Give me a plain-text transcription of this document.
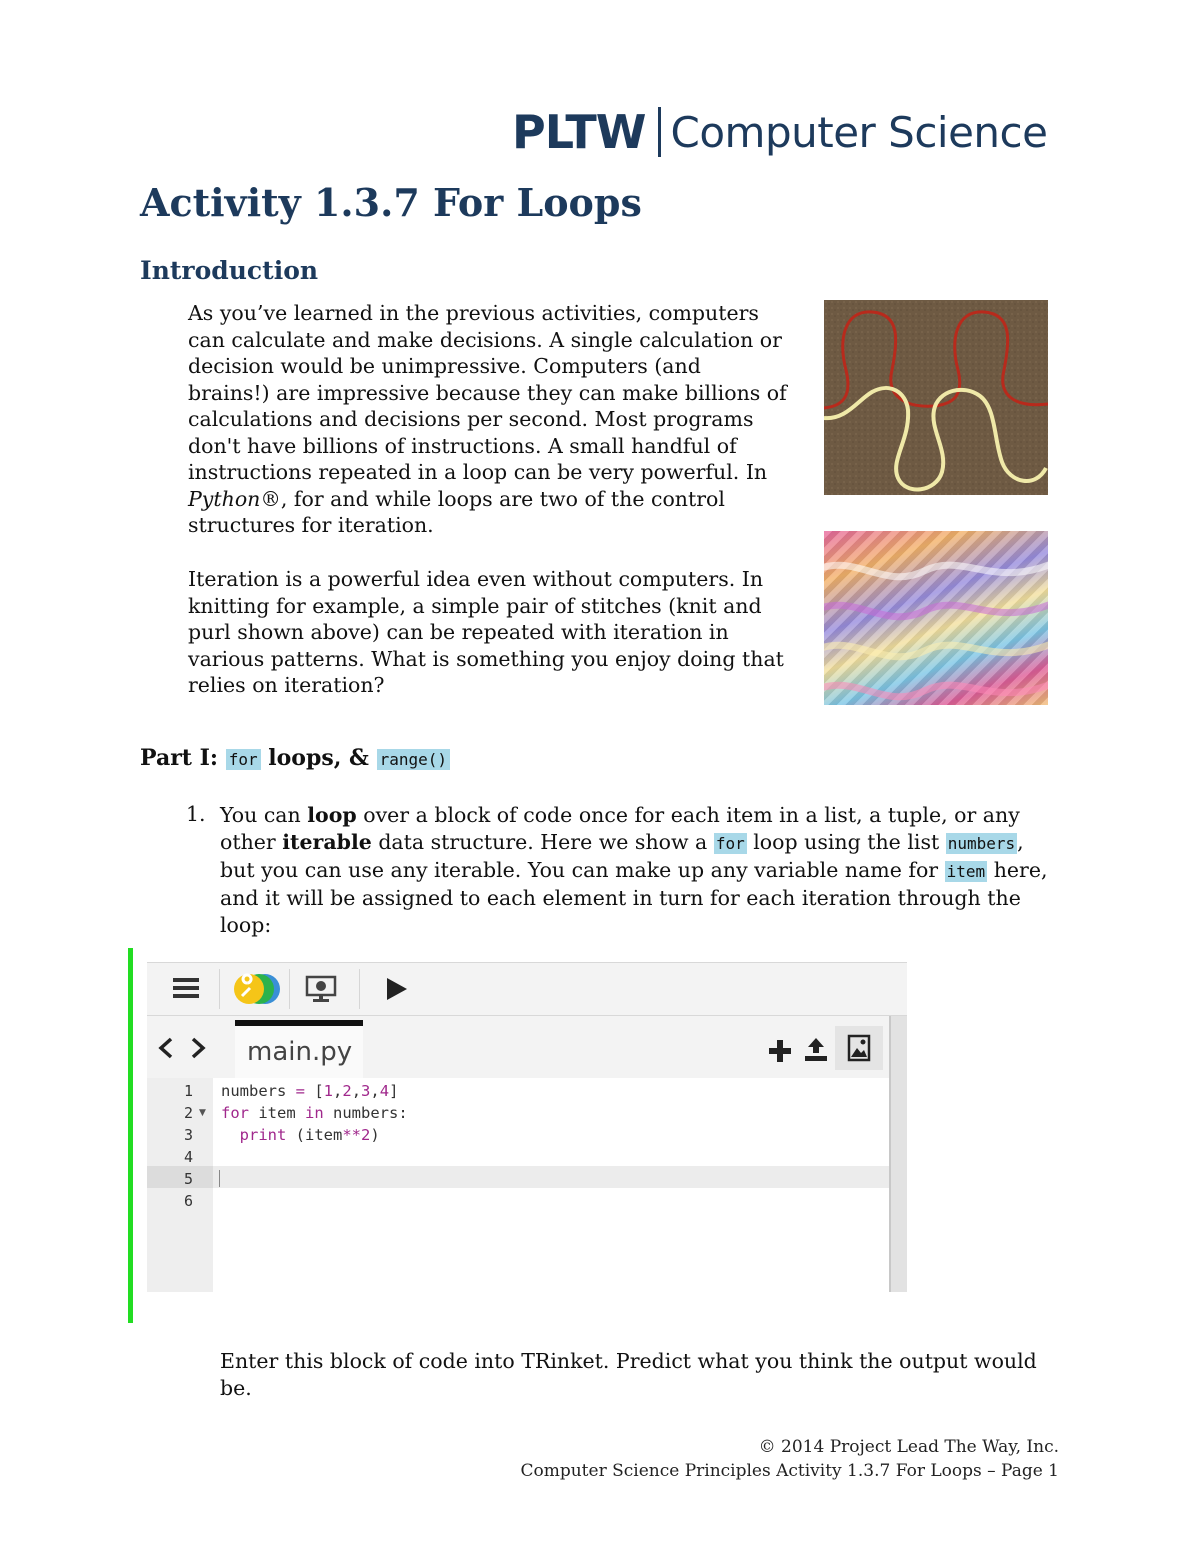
PLTW Computer Science
Activity 1.3.7 For Loops
Introduction
As you’ve learned in the previous activities, computers can calculate and make decisions. A single calculation or decision would be unimpressive. Computers (and brains!) are impressive because they can make billions of calculations and decisions per second. Most programs don't have billions of instructions. A small handful of instructions repeated in a loop can be very powerful. In Python®, for and while loops are two of the control structures for iteration.
Iteration is a powerful idea even without computers. In knitting for example, a simple pair of stitches (knit and purl shown above) can be repeated with iteration in various patterns. What is something you enjoy doing that relies on iteration?
Part I: for loops, & range()
1. You can loop over a block of code once for each item in a list, a tuple, or any other iterable data structure. Here we show a for loop using the list numbers, but you can use any iterable. You can make up any variable name for item here, and it will be assigned to each element in turn for each iteration through the loop:
main.py
1
2 ▼
3
4
5
6
numbers = [1,2,3,4]
for item in numbers:
print (item**2)
Enter this block of code into TRinket. Predict what you think the output would be.
© 2014 Project Lead The Way, Inc.
Computer Science Principles Activity 1.3.7 For Loops – Page 1
